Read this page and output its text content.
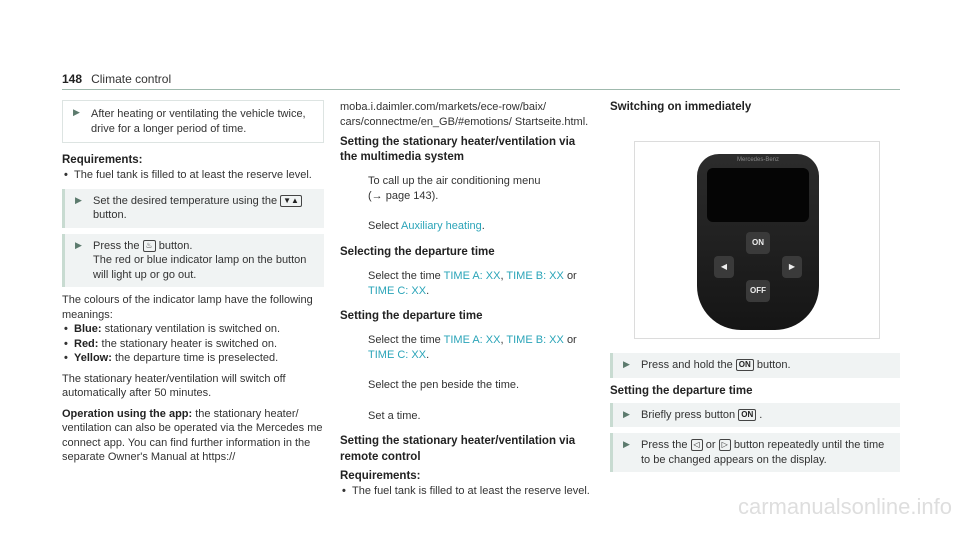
148 Climate control
▶ After heating or ventilating the vehicle twice, drive for a longer period of time.
Requirements:
• The fuel tank is filled to at least the reserve level.
▶ Set the desired temperature using the ▼▲ button.
▶ Press the ♨ button.
The red or blue indicator lamp on the button will light up or go out.
The colours of the indicator lamp have the following meanings:
• Blue: stationary ventilation is switched on.
• Red: the stationary heater is switched on.
• Yellow: the departure time is preselected.
The stationary heater/ventilation will switch off automatically after 50 minutes.
Operation using the app: the stationary heater/ ventilation can also be operated via the Mercedes me connect app. You can find further information in the separate Owner's Manual at https://
moba.i.daimler.com/markets/ece-row/baix/ cars/connectme/en_GB/#emotions/ Startseite.html.
Setting the stationary heater/ventilation via the multimedia system
To call up the air conditioning menu
(→ page 143).
Select Auxiliary heating.
Selecting the departure time
Select the time TIME A: XX, TIME B: XX or TIME C: XX.
Setting the departure time
Select the time TIME A: XX, TIME B: XX or TIME C: XX.
Select the pen beside the time.
Set a time.
Setting the stationary heater/ventilation via remote control
Requirements:
• The fuel tank is filled to at least the reserve level.
Switching on immediately
Mercedes-Benz
ON
◀	▶
OFF
▶ Press and hold the ON button.
Setting the departure time
▶ Briefly press button ON .
▶ Press the ◁ or ▷ button repeatedly until the time to be changed appears on the display.
carmanualsonline.info
